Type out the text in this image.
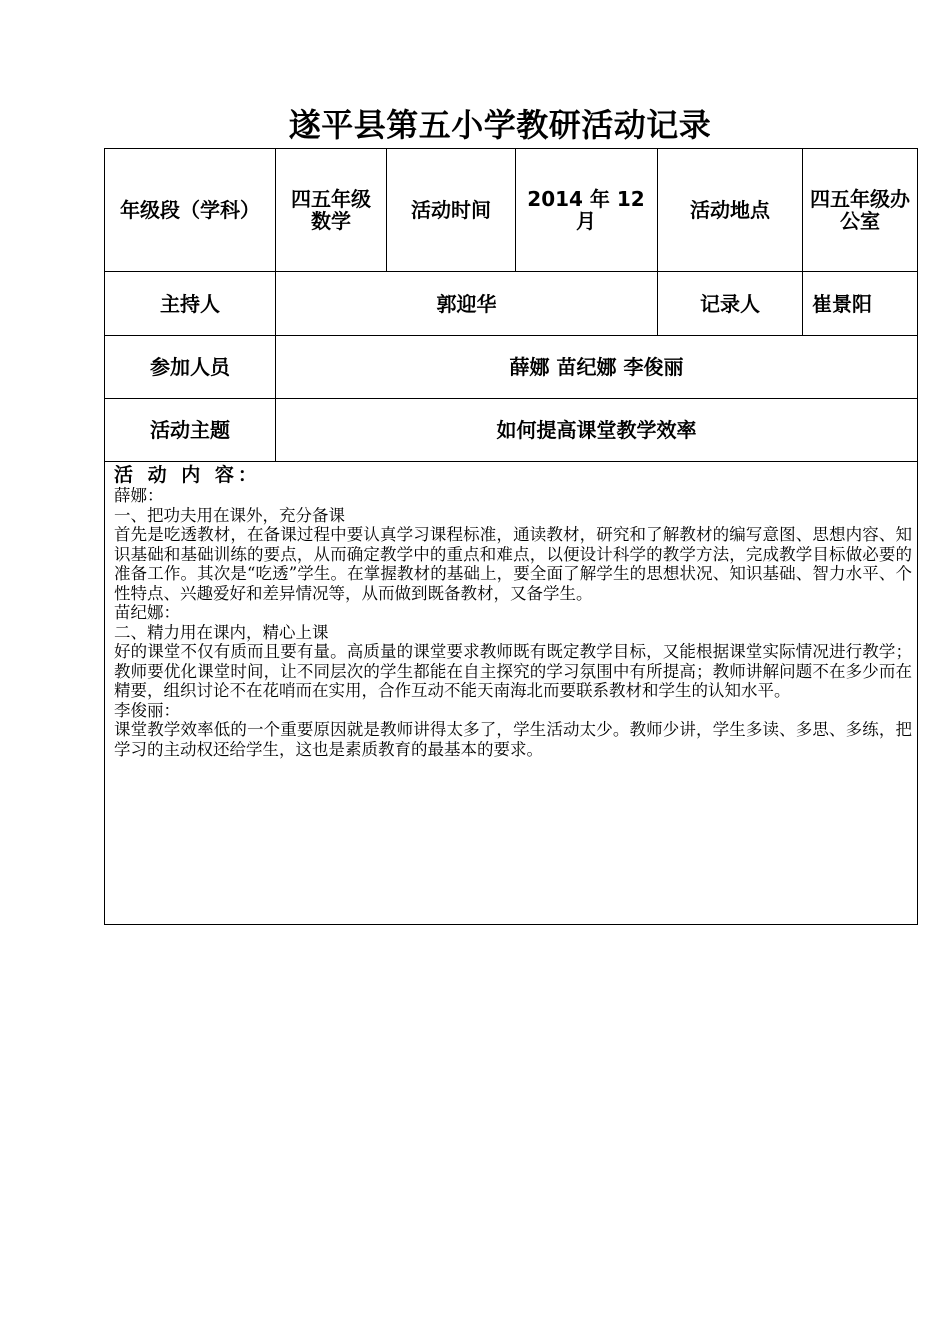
遂平县第五小学教研活动记录
年级段（学科）	四五年级数学	活动时间	2014 年 12 月	活动地点	四五年级办公室
主持人	郭迎华	记录人	崔景阳
参加人员	薛娜 苗纪娜 李俊丽
活动主题	如何提高课堂教学效率
活 动 内 容：

薛娜：

一、把功夫用在课外，充分备课

首先是吃透教材，在备课过程中要认真学习课程标准，通读教材，研究和了解教材的编写意图、思想内容、知识基础和基础训练的要点，从而确定教学中的重点和难点，以便设计科学的教学方法，完成教学目标做必要的准备工作。其次是“吃透”学生。在掌握教材的基础上，要全面了解学生的思想状况、知识基础、智力水平、个性特点、兴趣爱好和差异情况等，从而做到既备教材，又备学生。

苗纪娜：

二、精力用在课内，精心上课

好的课堂不仅有质而且要有量。高质量的课堂要求教师既有既定教学目标，又能根据课堂实际情况进行教学；教师要优化课堂时间，让不同层次的学生都能在自主探究的学习氛围中有所提高；教师讲解问题不在多少而在精要，组织讨论不在花哨而在实用，合作互动不能天南海北而要联系教材和学生的认知水平。

李俊丽：

课堂教学效率低的一个重要原因就是教师讲得太多了，学生活动太少。教师少讲，学生多读、多思、多练，把学习的主动权还给学生，这也是素质教育的最基本的要求。
